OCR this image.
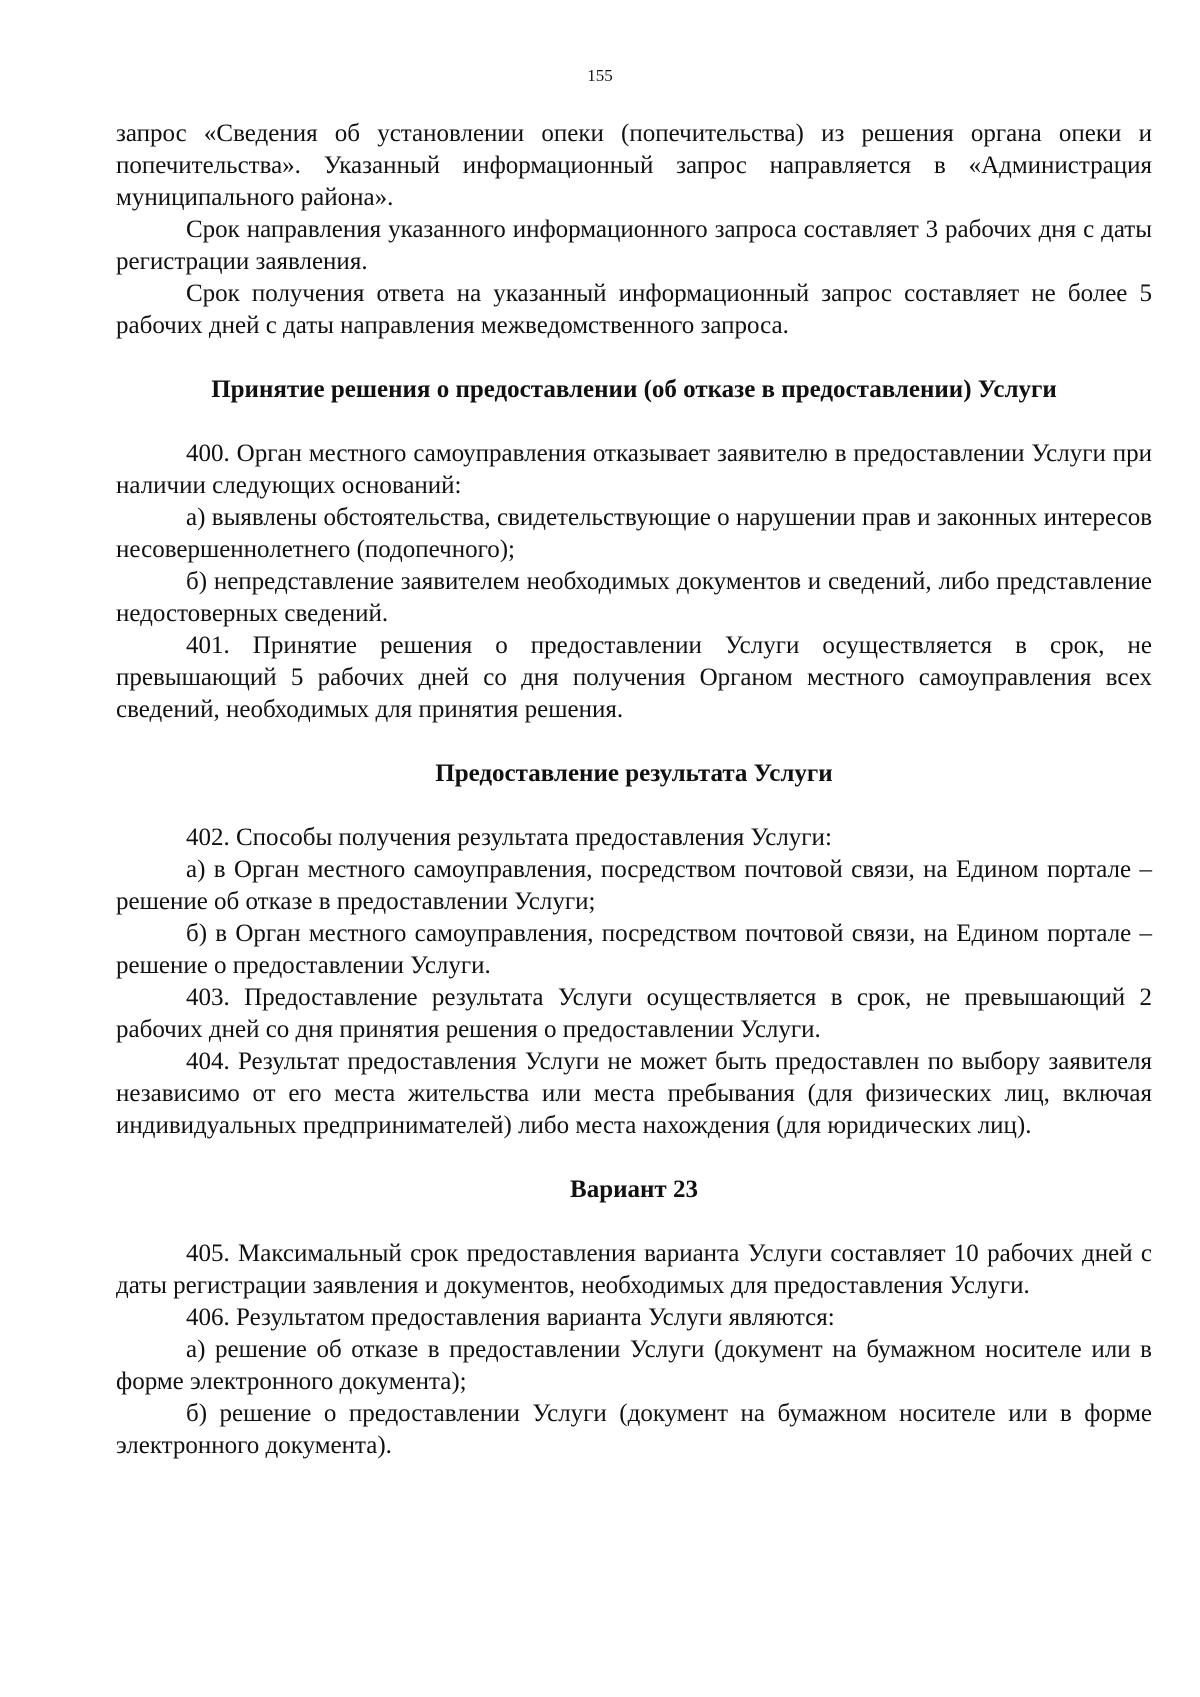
155

запрос «Сведения об установлении опеки (попечительства) из решения органа опеки и попечительства». Указанный информационный запрос направляется в «Администрация муниципального района».

Срок направления указанного информационного запроса составляет 3 рабочих дня с даты регистрации заявления.

Срок получения ответа на указанный информационный запрос составляет не более 5 рабочих дней с даты направления межведомственного запроса.

Принятие решения о предоставлении (об отказе в предоставлении) Услуги

400. Орган местного самоуправления отказывает заявителю в предоставлении Услуги при наличии следующих оснований:

а) выявлены обстоятельства, свидетельствующие о нарушении прав и законных интересов несовершеннолетнего (подопечного);

б) непредставление заявителем необходимых документов и сведений, либо представление недостоверных сведений.

401. Принятие решения о предоставлении Услуги осуществляется в срок, не превышающий 5 рабочих дней со дня получения Органом местного самоуправления всех сведений, необходимых для принятия решения.

Предоставление результата Услуги

402. Способы получения результата предоставления Услуги:

а) в Орган местного самоуправления, посредством почтовой связи, на Едином портале – решение об отказе в предоставлении Услуги;

б) в Орган местного самоуправления, посредством почтовой связи, на Едином портале – решение о предоставлении Услуги.

403. Предоставление результата Услуги осуществляется в срок, не превышающий 2 рабочих дней со дня принятия решения о предоставлении Услуги.

404. Результат предоставления Услуги не может быть предоставлен по выбору заявителя независимо от его места жительства или места пребывания (для физических лиц, включая индивидуальных предпринимателей) либо места нахождения (для юридических лиц).

Вариант 23

405. Максимальный срок предоставления варианта Услуги составляет 10 рабочих дней с даты регистрации заявления и документов, необходимых для предоставления Услуги.

406. Результатом предоставления варианта Услуги являются:

а) решение об отказе в предоставлении Услуги (документ на бумажном носителе или в форме электронного документа);

б) решение о предоставлении Услуги (документ на бумажном носителе или в форме электронного документа).
